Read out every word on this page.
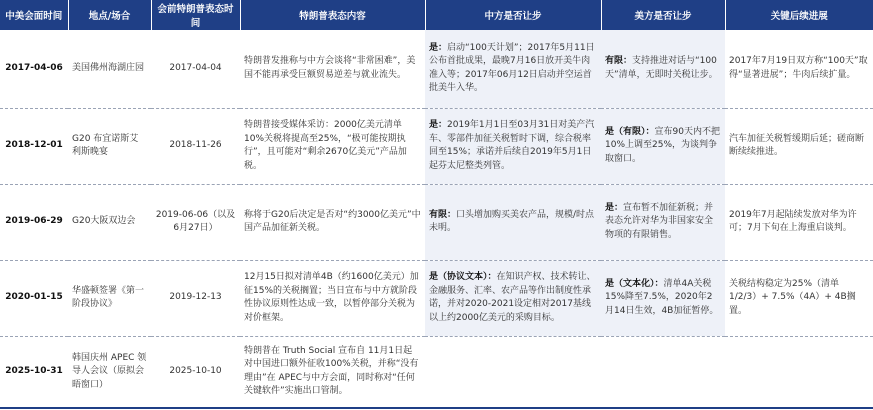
中美会面时间	地点/场合	会前特朗普表态时间	特朗普表态内容	中方是否让步	美方是否让步	关键后续进展
2017-04-06	美国佛州海湖庄园	2017-04-04	特朗普发推称与中方会谈将“非常困难”，美国不能再承受巨额贸易逆差与就业流失。	是：启动“100天计划”；2017年5月11日公布首批成果，最晚7月16日放开美牛肉准入等；2017年06月12日启动并空运首批美牛入华。	有限：支持推进对话与“100天”清单，无即时关税让步。	2017年7月19日双方称“100天”取得“显著进展”；牛肉后续扩量。
2018-12-01	G20 布宜诺斯艾利斯晚宴	2018-11-26	特朗普接受媒体采访：2000亿美元清单10%关税将提高至25%，“极可能按期执行”，且可能对“剩余2670亿美元”产品加税。	是：2019年1月1日至03月31日对美产汽车、零部件加征关税暂时下调，综合税率回至15%；承诺并后续自2019年5月1日起芬太尼整类列管。	是（有限）：宣布90天内不把10%上调至25%，为谈判争取窗口。	汽车加征关税暂缓期后延；磋商断断续续推进。
2019-06-29	G20大阪双边会	2019-06-06（以及6月27日）	称将于G20后决定是否对“约3000亿美元”中国产品加征新关税。	有限：口头增加购买美农产品，规模/时点未明。	是：宣布暂不加征新税；并表态允许对华为非国家安全物项的有限销售。	2019年7月起陆续发放对华为许可；7月下旬在上海重启谈判。
2020-01-15	华盛顿签署《第一阶段协议》	2019-12-13	12月15日拟对清单4B（约1600亿美元）加征15%的关税搁置；当日宣布与中方就阶段性协议原则性达成一致，以暂停部分关税为对价框架。	是（协议文本）：在知识产权、技术转让、金融服务、汇率、农产品等作出制度性承诺，并对2020-2021设定相对2017基线以上约2000亿美元的采购目标。	是（文本化）：清单4A关税15%降至7.5%，2020年2月14日生效，4B加征暂停。	关税结构稳定为25%（清单1/2/3）+ 7.5%（4A）+ 4B搁置。
2025-10-31	韩国庆州 APEC 领导人会议（原拟会晤窗口）	2025-10-10	特朗普在 Truth Social 宣布自 11月1日起对中国进口额外征收100%关税，并称“没有理由”在 APEC与中方会面，同时称对“任何关键软件”实施出口管制。			
